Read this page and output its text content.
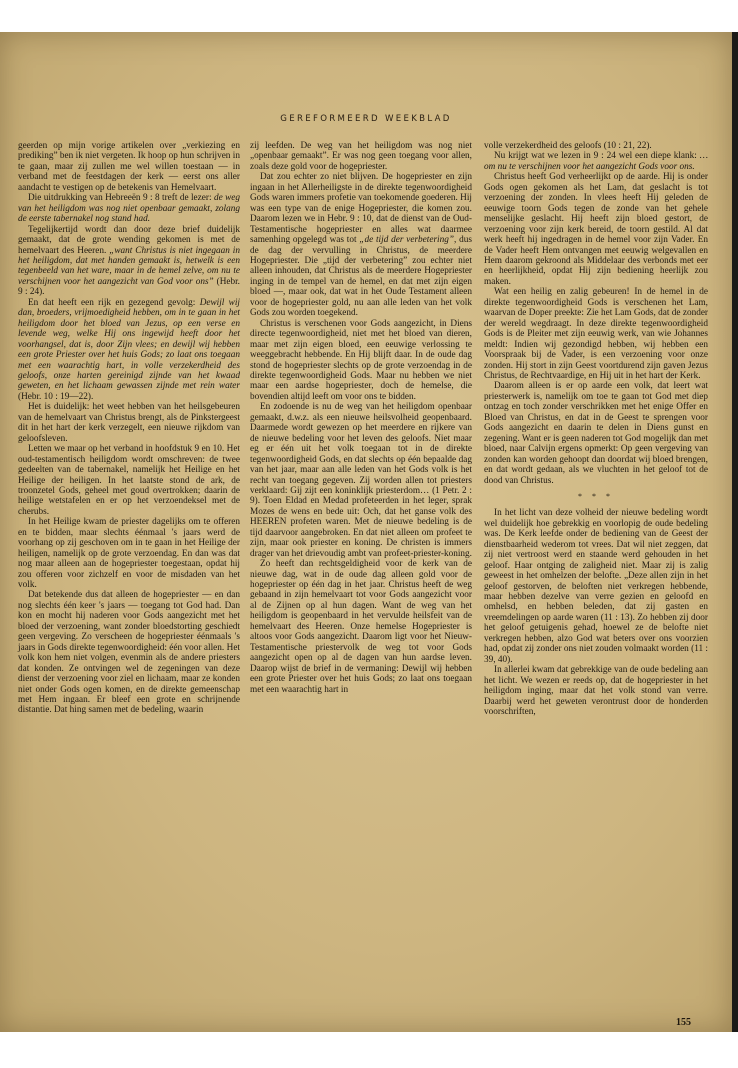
GEREFORMEERD WEEKBLAD

geerden op mijn vorige artikelen over „verkiezing en prediking” ben ik niet vergeten. Ik hoop op hun schrijven in te gaan, maar zij zullen me wel willen toestaan — in verband met de feestdagen der kerk — eerst ons aller aandacht te vestigen op de betekenis van Hemelvaart.

Die uitdrukking van Hebreeën 9 : 8 treft de lezer: de weg van het heiligdom was nog niet openbaar gemaakt, zolang de eerste tabernakel nog stand had.

Tegelijkertijd wordt dan door deze brief duidelijk gemaakt, dat de grote wending gekomen is met de hemelvaart des Heeren. „want Christus is niet ingegaan in het heiligdom, dat met handen gemaakt is, hetwelk is een tegenbeeld van het ware, maar in de hemel zelve, om nu te verschijnen voor het aangezicht van God voor ons” (Hebr. 9 : 24).

En dat heeft een rijk en gezegend gevolg: Dewijl wij dan, broeders, vrijmoedigheid hebben, om in te gaan in het heiligdom door het bloed van Jezus, op een verse en levende weg, welke Hij ons ingewijd heeft door het voorhangsel, dat is, door Zijn vlees; en dewijl wij hebben een grote Priester over het huis Gods; zo laat ons toegaan met een waarachtig hart, in volle verzekerdheid des geloofs, onze harten gereinigd zijnde van het kwaad geweten, en het lichaam gewassen zijnde met rein water (Hebr. 10 : 19—22).

Het is duidelijk: het weet hebben van het heilsgebeuren van de hemelvaart van Christus brengt, als de Pinkstergeest dit in het hart der kerk verzegelt, een nieuwe rijkdom van geloofsleven.

Letten we maar op het verband in hoofdstuk 9 en 10. Het oud-testamentisch heiligdom wordt omschreven: de twee gedeelten van de tabernakel, namelijk het Heilige en het Heilige der heiligen. In het laatste stond de ark, de troonzetel Gods, geheel met goud overtrokken; daarin de heilige wetstafelen en er op het verzoendeksel met de cherubs.

In het Heilige kwam de priester dagelijks om te offeren en te bidden, maar slechts éénmaal 's jaars werd de voorhang op zij geschoven om in te gaan in het Heilige der heiligen, namelijk op de grote verzoendag. En dan was dat nog maar alleen aan de hogepriester toegestaan, opdat hij zou offeren voor zichzelf en voor de misdaden van het volk.

Dat betekende dus dat alleen de hogepriester — en dan nog slechts één keer 's jaars — toegang tot God had. Dan kon en mocht hij naderen voor Gods aangezicht met het bloed der verzoening, want zonder bloedstorting geschiedt geen vergeving. Zo verscheen de hogepriester éénmaals 's jaars in Gods direkte tegenwoordigheid: één voor allen. Het volk kon hem niet volgen, evenmin als de andere priesters dat konden. Ze ontvingen wel de zegeningen van deze dienst der verzoening voor ziel en lichaam, maar ze konden niet onder Gods ogen komen, en de direkte gemeenschap met Hem ingaan. Er bleef een grote en schrijnende distantie. Dat hing samen met de bedeling, waarin

zij leefden. De weg van het heiligdom was nog niet „openbaar gemaakt”. Er was nog geen toegang voor allen, zoals deze gold voor de hogepriester.

Dat zou echter zo niet blijven. De hogepriester en zijn ingaan in het Allerheiligste in de direkte tegenwoordigheid Gods waren immers profetie van toekomende goederen. Hij was een type van de enige Hogepriester, die komen zou. Daarom lezen we in Hebr. 9 : 10, dat de dienst van de Oud-Testamentische hogepriester en alles wat daarmee samenhing opgelegd was tot „de tijd der verbetering”, dus de dag der vervulling in Christus, de meerdere Hogepriester. Die „tijd der verbetering” zou echter niet alleen inhouden, dat Christus als de meerdere Hogepriester inging in de tempel van de hemel, en dat met zijn eigen bloed —, maar ook, dat wat in het Oude Testament alleen voor de hogepriester gold, nu aan alle leden van het volk Gods zou worden toegekend.

Christus is verschenen voor Gods aangezicht, in Diens directe tegenwoordigheid, niet met het bloed van dieren, maar met zijn eigen bloed, een eeuwige verlossing te weeggebracht hebbende. En Hij blijft daar. In de oude dag stond de hogepriester slechts op de grote verzoendag in de direkte tegenwoordigheid Gods. Maar nu hebben we niet maar een aardse hogepriester, doch de hemelse, die bovendien altijd leeft om voor ons te bidden.

En zodoende is nu de weg van het heiligdom openbaar gemaakt, d.w.z. als een nieuwe heilsvolheid geopenbaard. Daarmede wordt gewezen op het meerdere en rijkere van de nieuwe bedeling voor het leven des geloofs. Niet maar eg er één uit het volk toegaan tot in de direkte tegenwoordigheid Gods, en dat slechts op één bepaalde dag van het jaar, maar aan alle leden van het Gods volk is het recht van toegang gegeven. Zij worden allen tot priesters verklaard: Gij zijt een koninklijk priesterdom… (1 Petr. 2 : 9). Toen Eldad en Medad profeteerden in het leger, sprak Mozes de wens en bede uit: Och, dat het ganse volk des HEEREN profeten waren. Met de nieuwe bedeling is de tijd daarvoor aangebroken. En dat niet alleen om profeet te zijn, maar ook priester en koning. De christen is immers drager van het drievoudig ambt van profeet-priester-koning.

Zo heeft dan rechtsgeldigheid voor de kerk van de nieuwe dag, wat in de oude dag alleen gold voor de hogepriester op één dag in het jaar. Christus heeft de weg gebaand in zijn hemelvaart tot voor Gods aangezicht voor al de Zijnen op al hun dagen. Want de weg van het heiligdom is geopenbaard in het vervulde heilsfeit van de hemelvaart des Heeren. Onze hemelse Hogepriester is altoos voor Gods aangezicht. Daarom ligt voor het Nieuw-Testamentische priestervolk de weg tot voor Gods aangezicht open op al de dagen van hun aardse leven. Daarop wijst de brief in de vermaning: Dewijl wij hebben een grote Priester over het huis Gods; zo laat ons toegaan met een waarachtig hart in

volle verzekerdheid des geloofs (10 : 21, 22).

Nu krijgt wat we lezen in 9 : 24 wel een diepe klank: …om nu te verschijnen voor het aangezicht Gods voor ons.

Christus heeft God verheerlijkt op de aarde. Hij is onder Gods ogen gekomen als het Lam, dat geslacht is tot verzoening der zonden. In vlees heeft Hij geleden de eeuwige toorn Gods tegen de zonde van het gehele menselijke geslacht. Hij heeft zijn bloed gestort, de verzoening voor zijn kerk bereid, de toorn gestild. Al dat werk heeft hij ingedragen in de hemel voor zijn Vader. En de Vader heeft Hem ontvangen met eeuwig welgevallen en Hem daarom gekroond als Middelaar des verbonds met eer en heerlijkheid, opdat Hij zijn bediening heerlijk zou maken.

Wat een heilig en zalig gebeuren! In de hemel in de direkte tegenwoordigheid Gods is verschenen het Lam, waarvan de Doper preekte: Zie het Lam Gods, dat de zonder der wereld wegdraagt. In deze direkte tegenwoordigheid Gods is de Pleiter met zijn eeuwig werk, van wie Johannes meldt: Indien wij gezondigd hebben, wij hebben een Voorspraak bij de Vader, is een verzoening voor onze zonden. Hij stort in zijn Geest voortdurend zijn gaven Jezus Christus, de Rechtvaardige, en Hij uit in het hart der Kerk.

Daarom alleen is er op aarde een volk, dat leert wat priesterwerk is, namelijk om toe te gaan tot God met diep ontzag en toch zonder verschrikken met het enige Offer en Bloed van Christus, en dat in de Geest te sprengen voor Gods aangezicht en daarin te delen in Diens gunst en zegening. Want er is geen naderen tot God mogelijk dan met bloed, naar Calvijn ergens opmerkt: Op geen vergeving van zonden kan worden gehoopt dan doordat wij bloed brengen, en dat wordt gedaan, als we vluchten in het geloof tot de dood van Christus.

* * *

In het licht van deze volheid der nieuwe bedeling wordt wel duidelijk hoe gebrekkig en voorlopig de oude bedeling was. De Kerk leefde onder de bediening van de Geest der dienstbaarheid wederom tot vrees. Dat wil niet zeggen, dat zij niet vertroost werd en staande werd gehouden in het geloof. Haar ontging de zaligheid niet. Maar zij is zalig geweest in het omhelzen der belofte. „Deze allen zijn in het geloof gestorven, de beloften niet verkregen hebbende, maar hebben dezelve van verre gezien en geloofd en omhelsd, en hebben beleden, dat zij gasten en vreemdelingen op aarde waren (11 : 13). Zo hebben zij door het geloof getuigenis gehad, hoewel ze de belofte niet verkregen hebben, alzo God wat beters over ons voorzien had, opdat zij zonder ons niet zouden volmaakt worden (11 : 39, 40).

In allerlei kwam dat gebrekkige van de oude bedeling aan het licht. We wezen er reeds op, dat de hogepriester in het heiligdom inging, maar dat het volk stond van verre. Daarbij werd het geweten verontrust door de honderden voorschriften,

155
